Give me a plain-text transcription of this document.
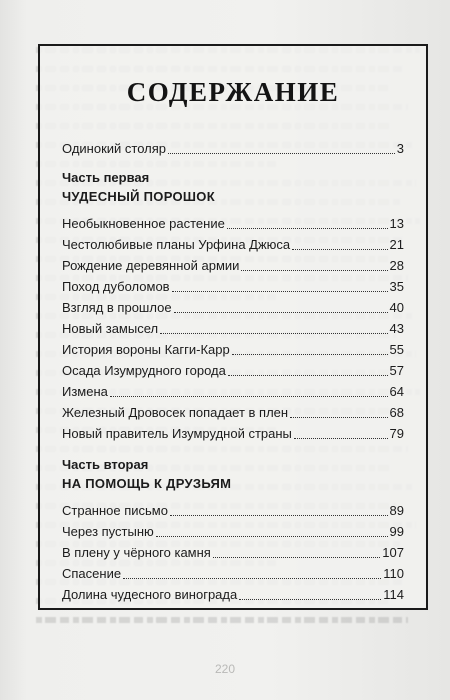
СОДЕРЖАНИЕ
Одинокий столяр	3
Часть первая
ЧУДЕСНЫЙ ПОРОШОК
Необыкновенное растение	13
Честолюбивые планы Урфина Джюса	21
Рождение деревянной армии	28
Поход дуболомов	35
Взгляд в прошлое	40
Новый замысел	43
История вороны Кагги-Карр	55
Осада Изумрудного города	57
Измена	64
Железный Дровосек попадает в плен	68
Новый правитель Изумрудной страны	79
Часть вторая
НА ПОМОЩЬ К ДРУЗЬЯМ
Странное письмо	89
Через пустыню	99
В плену у чёрного камня	107
Спасение	110
Долина чудесного винограда	114
220
